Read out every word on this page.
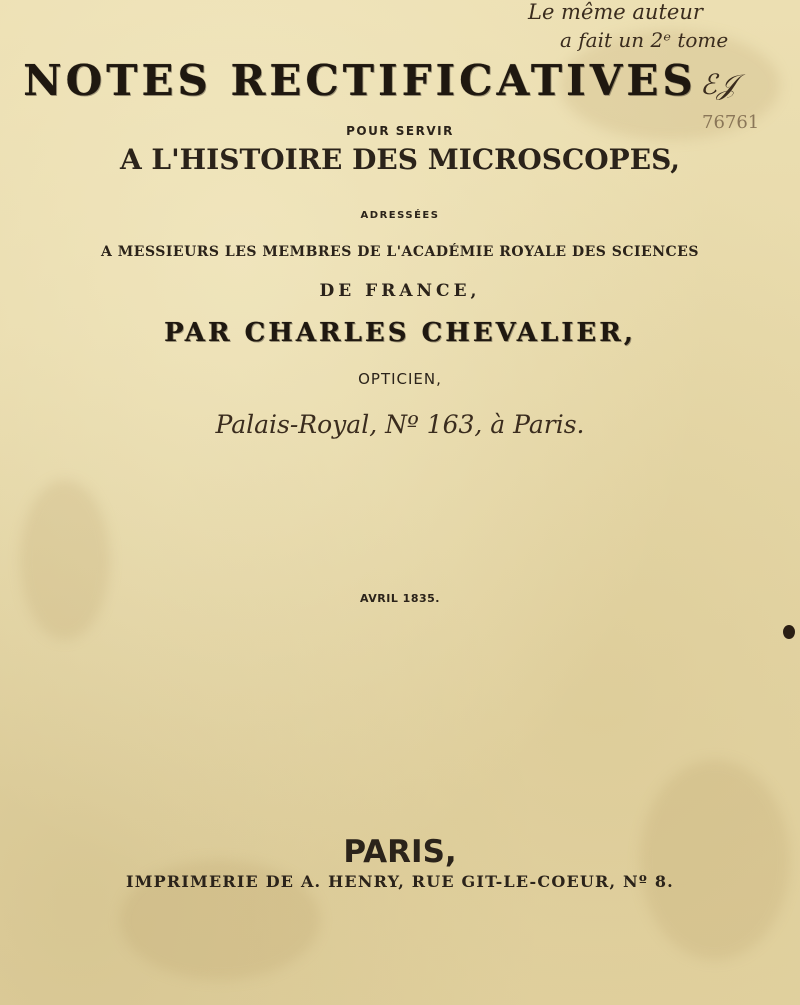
Le même auteur
a fait un 2ᵉ tome
ℰ𝒥
76761
NOTES RECTIFICATIVES
POUR SERVIR
A L'HISTOIRE DES MICROSCOPES,
ADRESSÉES
A MESSIEURS LES MEMBRES DE L'ACADÉMIE ROYALE DES SCIENCES
DE FRANCE,
PAR CHARLES CHEVALIER,
OPTICIEN,
Palais-Royal, Nº 163, à Paris.
AVRIL 1835.
PARIS,
IMPRIMERIE DE A. HENRY, RUE GIT-LE-COEUR, Nº 8.
